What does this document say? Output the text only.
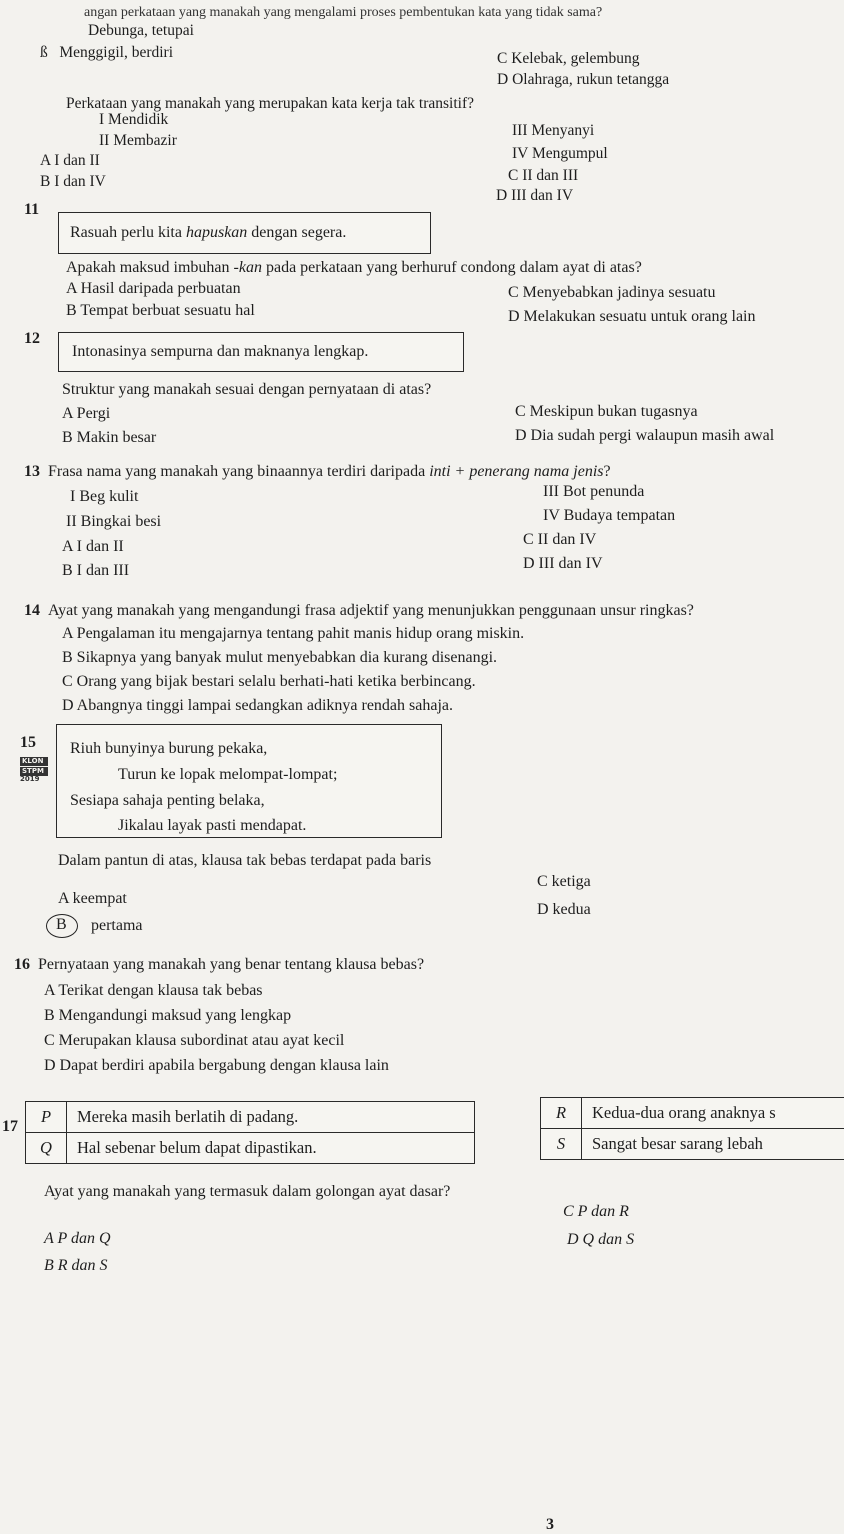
angan perkataan yang manakah yang mengalami proses pembentukan kata yang tidak sama?
Debunga, tetupai
ß   Menggigil, berdiri	C Kelebak, gelembung
D Olahraga, rukun tetangga
Perkataan yang manakah yang merupakan kata kerja tak transitif?
I Mendidik
II Membazir
III Menyanyi
IV Mengumpul
A I dan II
B I dan IV	C II dan III
D III dan IV
11
Rasuah perlu kita hapuskan dengan segera.
Apakah maksud imbuhan -kan pada perkataan yang berhuruf condong dalam ayat di atas?
A Hasil daripada perbuatan
B Tempat berbuat sesuatu hal
C Menyebabkan jadinya sesuatu
D Melakukan sesuatu untuk orang lain
12
Intonasinya sempurna dan maknanya lengkap.
Struktur yang manakah sesuai dengan pernyataan di atas?
A Pergi
B Makin besar
C Meskipun bukan tugasnya
D Dia sudah pergi walaupun masih awal
13 Frasa nama yang manakah yang binaannya terdiri daripada inti + penerang nama jenis?
I Beg kulit
II Bingkai besi
III Bot penunda
IV Budaya tempatan
A I dan II
B I dan III
C II dan IV
D III dan IV
14 Ayat yang manakah yang mengandungi frasa adjektif yang menunjukkan penggunaan unsur ringkas?
A Pengalaman itu mengajarnya tentang pahit manis hidup orang miskin.
B Sikapnya yang banyak mulut menyebabkan dia kurang disenangi.
C Orang yang bijak bestari selalu berhati-hati ketika berbincang.
D Abangnya tinggi lampai sedangkan adiknya rendah sahaja.
15
KLON
STPM
2019
Riuh bunyinya burung pekaka,
Turun ke lopak melompat-lompat;
Sesiapa sahaja penting belaka,
Jikalau layak pasti mendapat.
Dalam pantun di atas, klausa tak bebas terdapat pada baris
A keempat
B pertama
C ketiga
D kedua
16 Pernyataan yang manakah yang benar tentang klausa bebas?
A Terikat dengan klausa tak bebas
B Mengandungi maksud yang lengkap
C Merupakan klausa subordinat atau ayat kecil
D Dapat berdiri apabila bergabung dengan klausa lain
17
P	Mereka masih berlatih di padang.
Q	Hal sebenar belum dapat dipastikan.
R	Kedua-dua orang anaknya s
S	Sangat besar sarang lebah
Ayat yang manakah yang termasuk dalam golongan ayat dasar?
A P dan Q
B R dan S
C P dan R
D Q dan S
3
